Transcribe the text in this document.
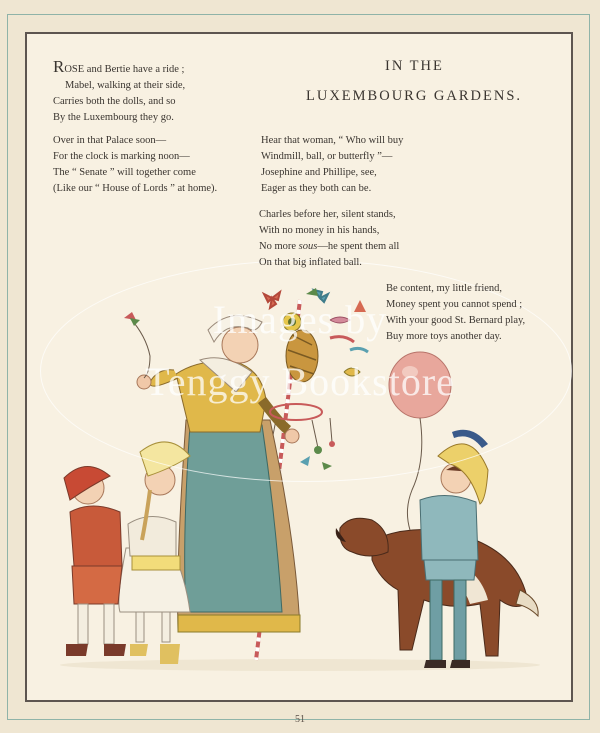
Images by
Tenggy Bookstore
IN THE
LUXEMBOURG GARDENS.
ROSE and Bertie have a ride ;
Mabel, walking at their side,
Carries both the dolls, and so
By the Luxembourg they go.
Over in that Palace soon—
For the clock is marking noon—
The “ Senate ” will together come
(Like our “ House of Lords ” at home).
Hear that woman, “ Who will buy
Windmill, ball, or butterfly ”—
Josephine and Phillipe, see,
Eager as they both can be.
Charles before her, silent stands,
With no money in his hands,
No more sous—he spent them all
On that big inflated ball.
Be content, my little friend,
Money spent you cannot spend ;
With your good St. Bernard play,
Buy more toys another day.
51
